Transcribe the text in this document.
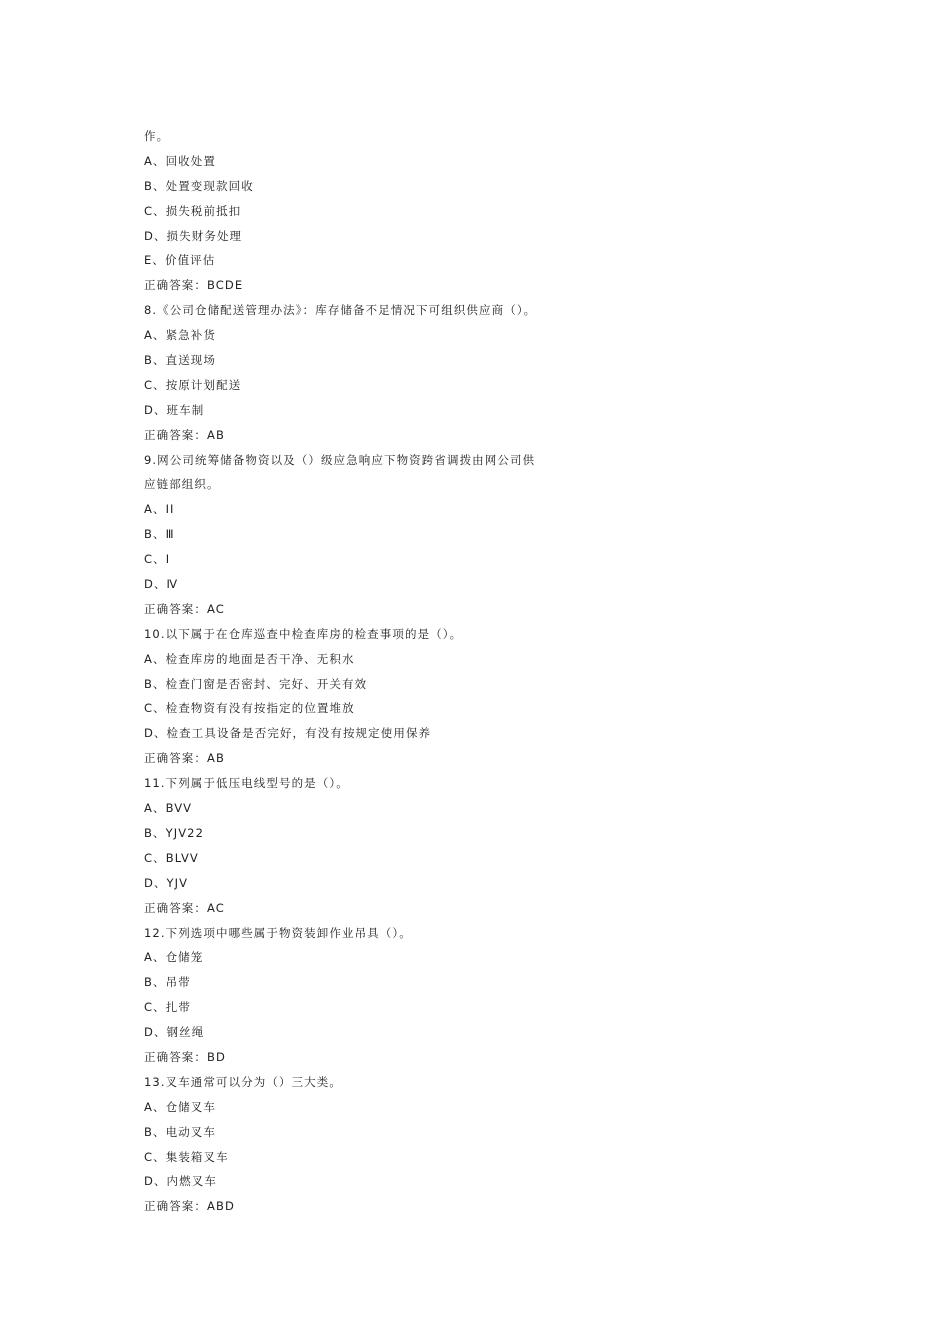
作。
A、回收处置
B、处置变现款回收
C、损失税前抵扣
D、损失财务处理
E、价值评估
正确答案：BCDE
8.《公司仓储配送管理办法》：库存储备不足情况下可组织供应商（）。
A、紧急补货
B、直送现场
C、按原计划配送
D、班车制
正确答案：AB
9.网公司统筹储备物资以及（）级应急响应下物资跨省调拨由网公司供
应链部组织。
A、II
B、Ⅲ
C、I
D、Ⅳ
正确答案：AC
10.以下属于在仓库巡查中检查库房的检查事项的是（）。
A、检查库房的地面是否干净、无积水
B、检查门窗是否密封、完好、开关有效
C、检查物资有没有按指定的位置堆放
D、检查工具设备是否完好，有没有按规定使用保养
正确答案：AB
11.下列属于低压电线型号的是（）。
A、BVV
B、YJV22
C、BLVV
D、YJV
正确答案：AC
12.下列选项中哪些属于物资装卸作业吊具（）。
A、仓储笼
B、吊带
C、扎带
D、钢丝绳
正确答案：BD
13.叉车通常可以分为（）三大类。
A、仓储叉车
B、电动叉车
C、集装箱叉车
D、内燃叉车
正确答案：ABD
